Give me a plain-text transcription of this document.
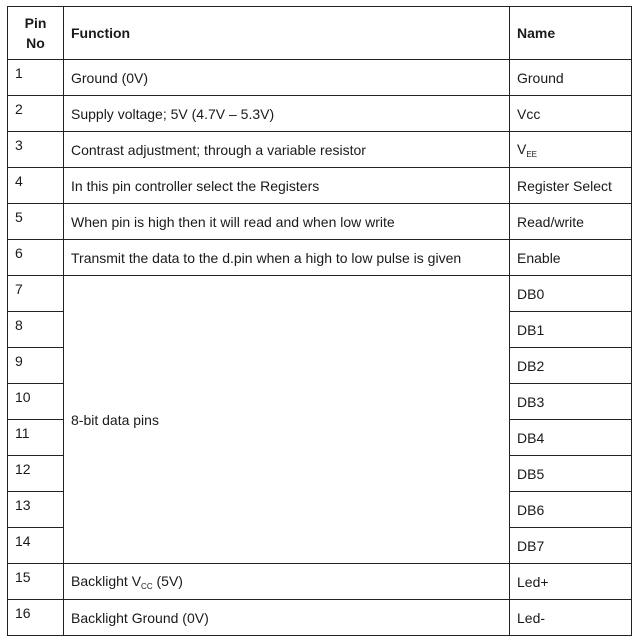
Pin
No	Function	Name
1	Ground (0V)	Ground
2	Supply voltage; 5V (4.7V – 5.3V)	Vcc
3	Contrast adjustment; through a variable resistor	$V_{EE}$
4	In this pin controller select the Registers	Register Select
5	When pin is high then it will read and when low write	Read/write
6	Transmit the data to the d.pin when a high to low pulse is given	Enable
7	8-bit data pins	DB0
8		DB1
9		DB2
10		DB3
11		DB4
12		DB5
13		DB6
14		DB7
15	Backlight $V_{CC}$ (5V)	Led+
16	Backlight Ground (0V)	Led-
